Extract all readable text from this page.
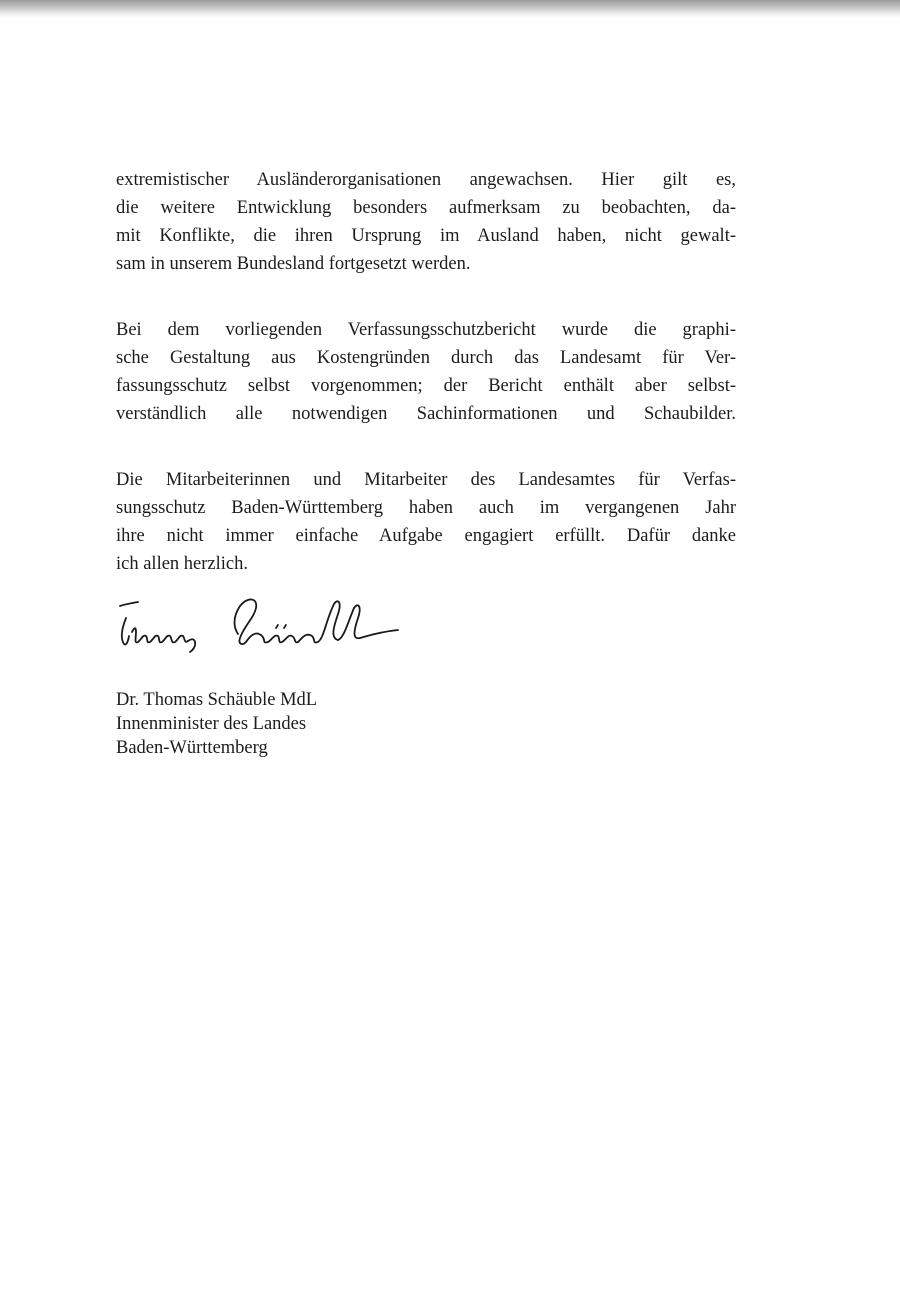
extremistischer Ausländerorganisationen angewachsen. Hier gilt es,
die weitere Entwicklung besonders aufmerksam zu beobachten, da-
mit Konflikte, die ihren Ursprung im Ausland haben, nicht gewalt-
sam in unserem Bundesland fortgesetzt werden.

Bei dem vorliegenden Verfassungsschutzbericht wurde die graphi-
sche Gestaltung aus Kostengründen durch das Landesamt für Ver-
fassungsschutz selbst vorgenommen; der Bericht enthält aber selbst-
verständlich alle notwendigen Sachinformationen und Schaubilder.

Die Mitarbeiterinnen und Mitarbeiter des Landesamtes für Verfas-
sungsschutz Baden-Württemberg haben auch im vergangenen Jahr
ihre nicht immer einfache Aufgabe engagiert erfüllt. Dafür danke
ich allen herzlich.

Dr. Thomas Schäuble MdL
Innenminister des Landes
Baden-Württemberg
